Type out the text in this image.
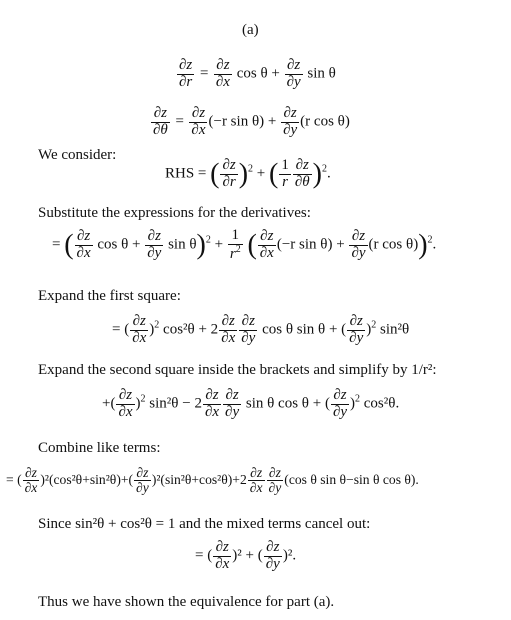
(a)
$\frac{\partial z}{\partial r} = \frac{\partial z}{\partial x}$ $\cos \theta + \frac{\partial z}{\partial y}$ sin θ
$\frac{\partial z}{\partial\theta} = \frac{\partial z}{\partial x} (-r$ $\sin \theta) + \frac{\partial z}{\partial y} (r$ cos θ)
We consider:
RHS = ( $\frac{\partial z}{\partial r} )^2$ + ( $\frac{1}{r} \frac{\partial z}{\partial\theta} )^2$.
Substitute the expressions for the derivatives:
= ( $\frac{\partial z}{\partial x}$ $\cos \theta + \frac{\partial z}{\partial y}$ $\sin \theta)^2 + \frac{1}{r^2}$ ( $\frac{\partial z}{\partial x} (-r$ $\sin \theta) + \frac{\partial z}{\partial y} (r$ cos θ))$^2$.
Expand the first square:
= ( $\frac{\partial z}{\partial x} )^2$ $\cos^2\theta + 2 \frac{\partial z}{\partial x} \frac{\partial z}{\partial y}$ cos θ sin θ + ( $\frac{\partial z}{\partial y} )^2$ sin²θ
Expand the second square inside the brackets and simplify by 1/r²:
+( $\frac{\partial z}{\partial x} )^2$ $\sin^2\theta - 2 \frac{\partial z}{\partial x} \frac{\partial z}{\partial y}$ sin θ cos θ + ( $\frac{\partial z}{\partial y} )^2$ cos²θ.
Combine like terms:
= ( $\frac{\partial z}{\partial x} )^2(\cos^2\theta+\sin^2\theta)+( \frac{\partial z}{\partial y} )^2(\sin^2\theta+\cos^2\theta)+2 \frac{\partial z}{\partial x} \frac{\partial z}{\partial y} (\cos$ θ sin θ−sin θ cos θ).
Since sin²θ + cos²θ = 1 and the mixed terms cancel out:
= ( $\frac{\partial z}{\partial x} )^2$ + ( $\frac{\partial z}{\partial y} )^2$.
Thus we have shown the equivalence for part (a).
